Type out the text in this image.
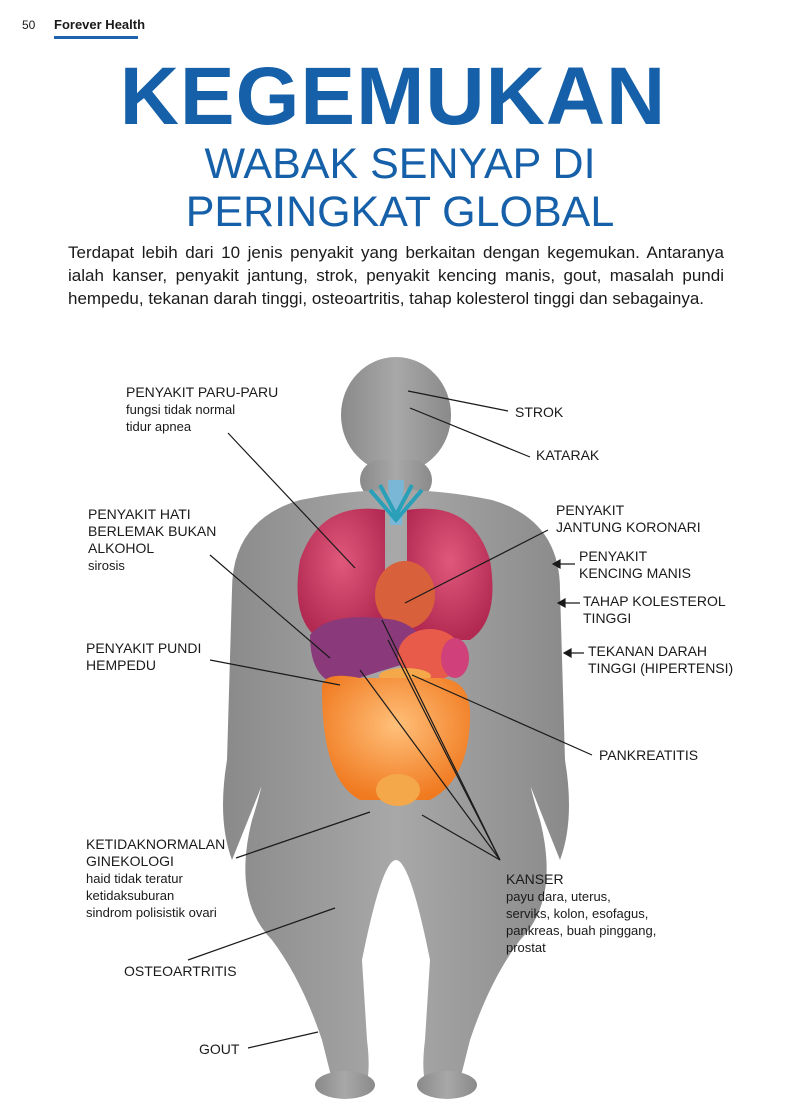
50 Forever Health
KEGEMUKAN
WABAK SENYAP DI
PERINGKAT GLOBAL

Terdapat lebih dari 10 jenis penyakit yang berkaitan dengan kegemukan. Antaranya ialah kanser, penyakit jantung, strok, penyakit kencing manis, gout, masalah pundi hempedu, tekanan darah tinggi, osteoartritis, tahap kolesterol tinggi dan sebagainya.

PENYAKIT PARU-PARU
fungsi tidak normal
tidur apnea
PENYAKIT HATI
BERLEMAK BUKAN
ALKOHOL
sirosis
PENYAKIT PUNDI
HEMPEDU
KETIDAKNORMALAN
GINEKOLOGI
haid tidak teratur
ketidaksuburan
sindrom polisistik ovari
OSTEOARTRITIS
GOUT
STROK
KATARAK
PENYAKIT
JANTUNG KORONARI
PENYAKIT
KENCING MANIS
TAHAP KOLESTEROL
TINGGI
TEKANAN DARAH
TINGGI (HIPERTENSI)
PANKREATITIS
KANSER
payu dara, uterus,
serviks, kolon, esofagus,
pankreas, buah pinggang,
prostat
